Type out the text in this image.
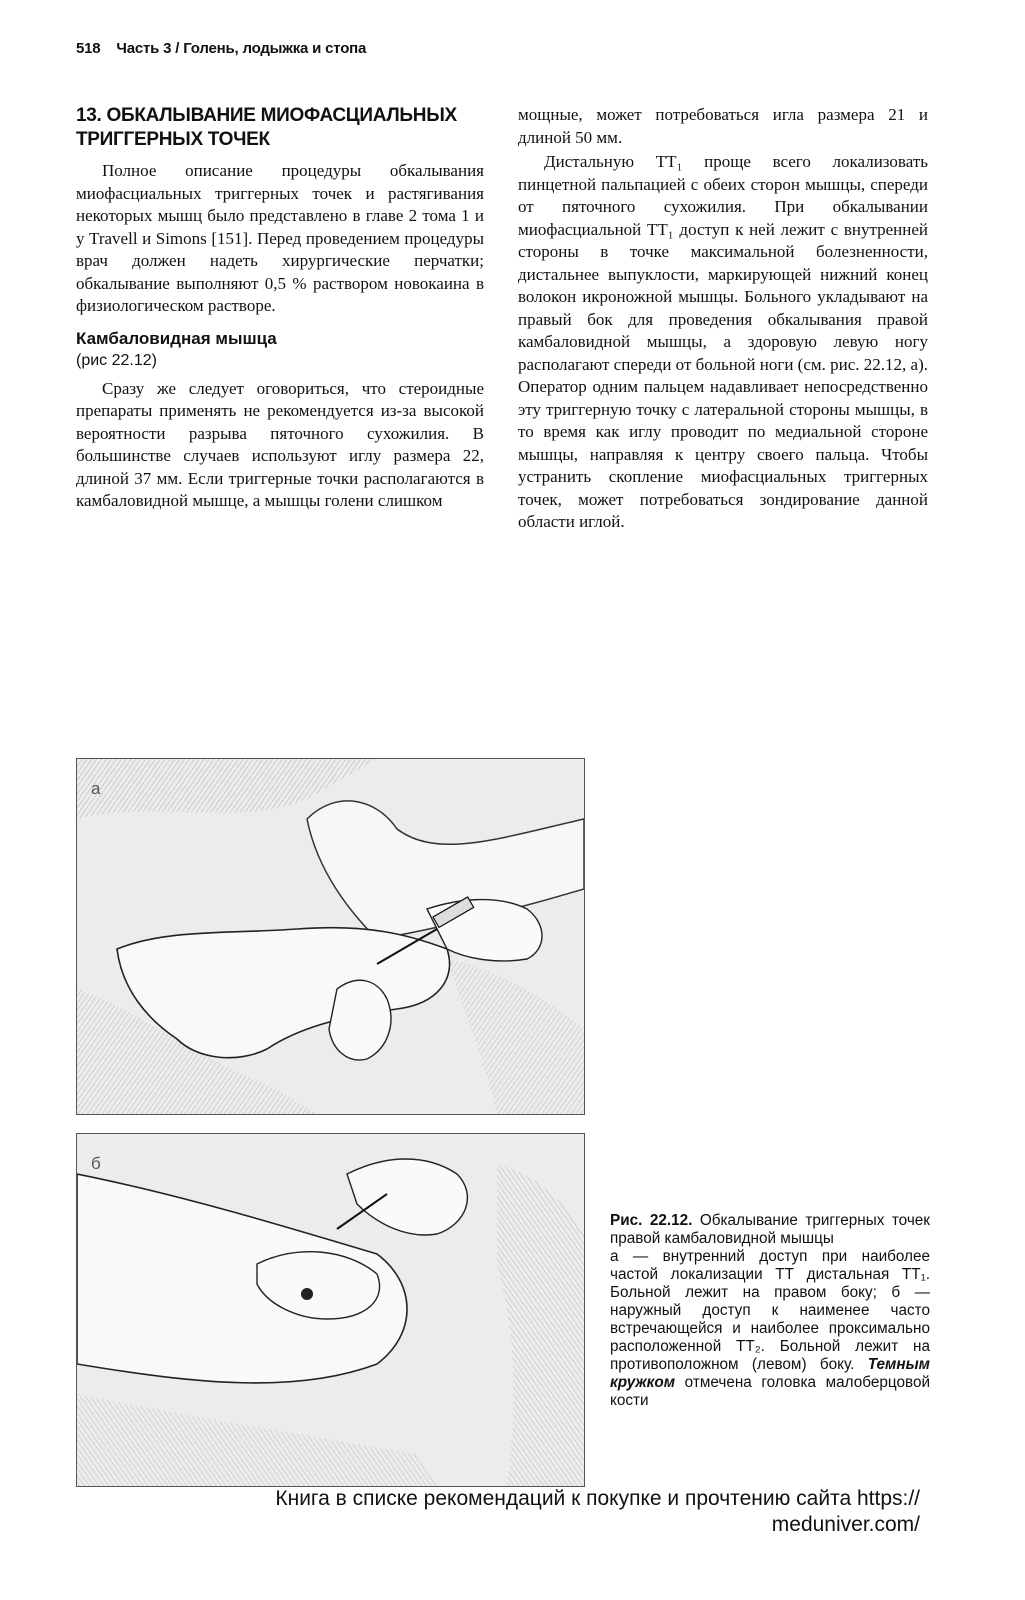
518 Часть 3 / Голень, лодыжка и стопа
13. ОБКАЛЫВАНИЕ МИОФАСЦИАЛЬНЫХ ТРИГГЕРНЫХ ТОЧЕК

Полное описание процедуры обкалывания миофасциальных триггерных точек и растягивания некоторых мышц было представлено в главе 2 тома 1 и у Travell и Simons [151]. Перед проведением процедуры врач должен надеть хирургические перчатки; обкалывание выполняют 0,5 % раствором новокаина в физиологическом растворе.

Камбаловидная мышца
(рис 22.12)

Сразу же следует оговориться, что стероидные препараты применять не рекомендуется из-за высокой вероятности разрыва пяточного сухожилия. В большинстве случаев используют иглу размера 22, длиной 37 мм. Если триггерные точки располагаются в камбаловидной мышце, а мышцы голени слишком

мощные, может потребоваться игла размера 21 и длиной 50 мм.

Дистальную ТТ₁ проще всего локализовать пинцетной пальпацией с обеих сторон мышцы, спереди от пяточного сухожилия. При обкалывании миофасциальной ТТ₁ доступ к ней лежит с внутренней стороны в точке максимальной болезненности, дистальнее выпуклости, маркирующей нижний конец волокон икроножной мышцы. Больного укладывают на правый бок для проведения обкалывания правой камбаловидной мышцы, а здоровую левую ногу располагают спереди от больной ноги (см. рис. 22.12, а). Оператор одним пальцем надавливает непосредственно эту триггерную точку с латеральной стороны мышцы, в то время как иглу проводит по медиальной стороне мышцы, направляя к центру своего пальца. Чтобы устранить скопление миофасциальных триггерных точек, может потребоваться зондирование данной области иглой.

а
б
Рис. 22.12. Обкалывание триггерных точек правой камбаловидной мышцы
а — внутренний доступ при наиболее частой локализации ТТ дистальная ТТ₁. Больной лежит на правом боку; б — наружный доступ к наименее часто встречающейся и наиболее проксимально расположенной ТТ₂. Больной лежит на противоположном (левом) боку. Темным кружком отмечена головка малоберцовой кости
Книга в списке рекомендаций к покупке и прочтению сайта https://
meduniver.com/
